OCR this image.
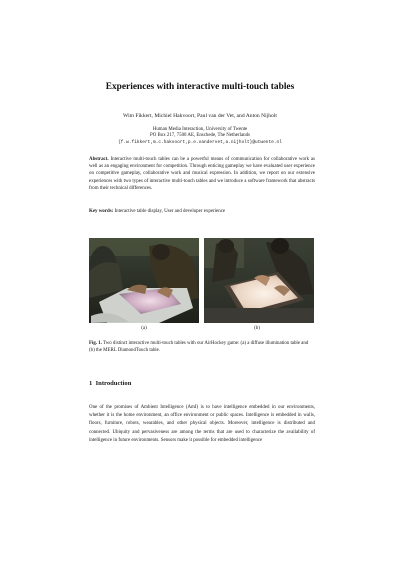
Experiences with interactive multi-touch tables
Wim Fikkert, Michiel Hakvoort, Paul van der Vet, and Anton Nijholt
Human Media Interaction, University of Twente
PO Box 217, 7500 AE, Enschede, The Netherlands
{f.w.fikkert,m.c.hakvoort,p.e.vandervet,a.nijholt}@utwente.nl
Abstract. Interactive multi-touch tables can be a powerful means of communication for collaborative work as well as an engaging environment for competition. Through enticing gameplay we have evaluated user experience on competitive gameplay, collaborative work and musical expression. In addition, we report on our extensive experiences with two types of interactive multi-touch tables and we introduce a software framework that abstracts from their technical differences.
Key words: Interactive table display, User and developer experience
(a)	(b)
Fig. 1. Two distinct interactive multi-touch tables with our AirHockey game: (a) a diffuse illumination table and (b) the MERL DiamondTouch table.
1 Introduction
One of the promises of Ambient Intelligence (AmI) is to have intelligence embedded in our environments, whether it is the home environment, an office environment or public spaces. Intelligence is embedded in walls, floors, furniture, robots, wearables, and other physical objects. Moreover, intelligence is distributed and connected. Ubiquity and pervasiveness are among the terms that are used to characterize the availability of intelligence in future environments. Sensors make it possible for embedded intelligence
